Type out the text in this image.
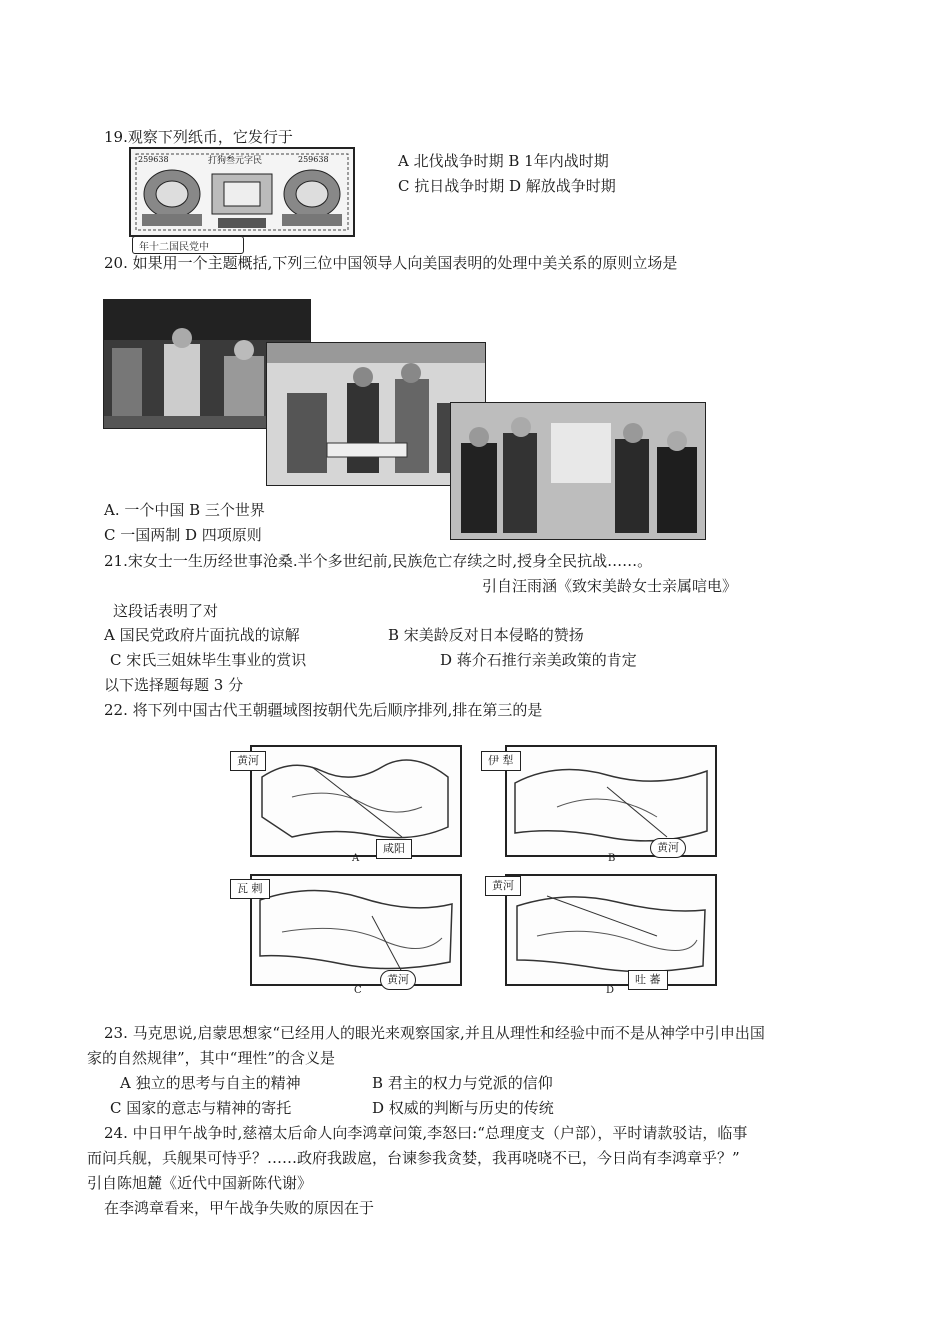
19.观察下列纸币，它发行于
259638	打狗叁元字民	259638
年十二国民党中
A 北伐战争时期 B 1年内战时期
C 抗日战争时期 D 解放战争时期
20. 如果用一个主题概括,下列三位中国领导人向美国表明的处理中美关系的原则立场是
A. 一个中国 B 三个世界
C 一国两制 D 四项原则
21.宋女士一生历经世事沧桑.半个多世纪前,民族危亡存续之时,授身全民抗战……。
引自汪雨涵《致宋美龄女士亲属唁电》
这段话表明了对
A 国民党政府片面抗战的谅解	B 宋美龄反对日本侵略的赞扬
C 宋氏三姐妹毕生事业的赏识	D 蒋介石推行亲美政策的肯定
以下选择题每题 3 分
22. 将下列中国古代王朝疆域图按朝代先后顺序排列,排在第三的是
黄河
咸阳
A
伊 犁
黄河
B
瓦 剌
黄河
C
黄河
吐 蕃
D
23. 马克思说,启蒙思想家“已经用人的眼光来观察国家,并且从理性和经验中而不是从神学中引申出国
家的自然规律”，其中“理性”的含义是
A 独立的思考与自主的精神	B 君主的权力与党派的信仰
C 国家的意志与精神的寄托	D 权威的判断与历史的传统
24. 中日甲午战争时,慈禧太后命人向李鸿章问策,李怒曰:“总理度支（户部），平时请款驳诘，临事
而问兵舰，兵舰果可恃乎？……政府我跋扈，台谏参我贪婪，我再哓哓不已，今日尚有李鸿章乎？”
引自陈旭麓《近代中国新陈代谢》
在李鸿章看来，甲午战争失败的原因在于
